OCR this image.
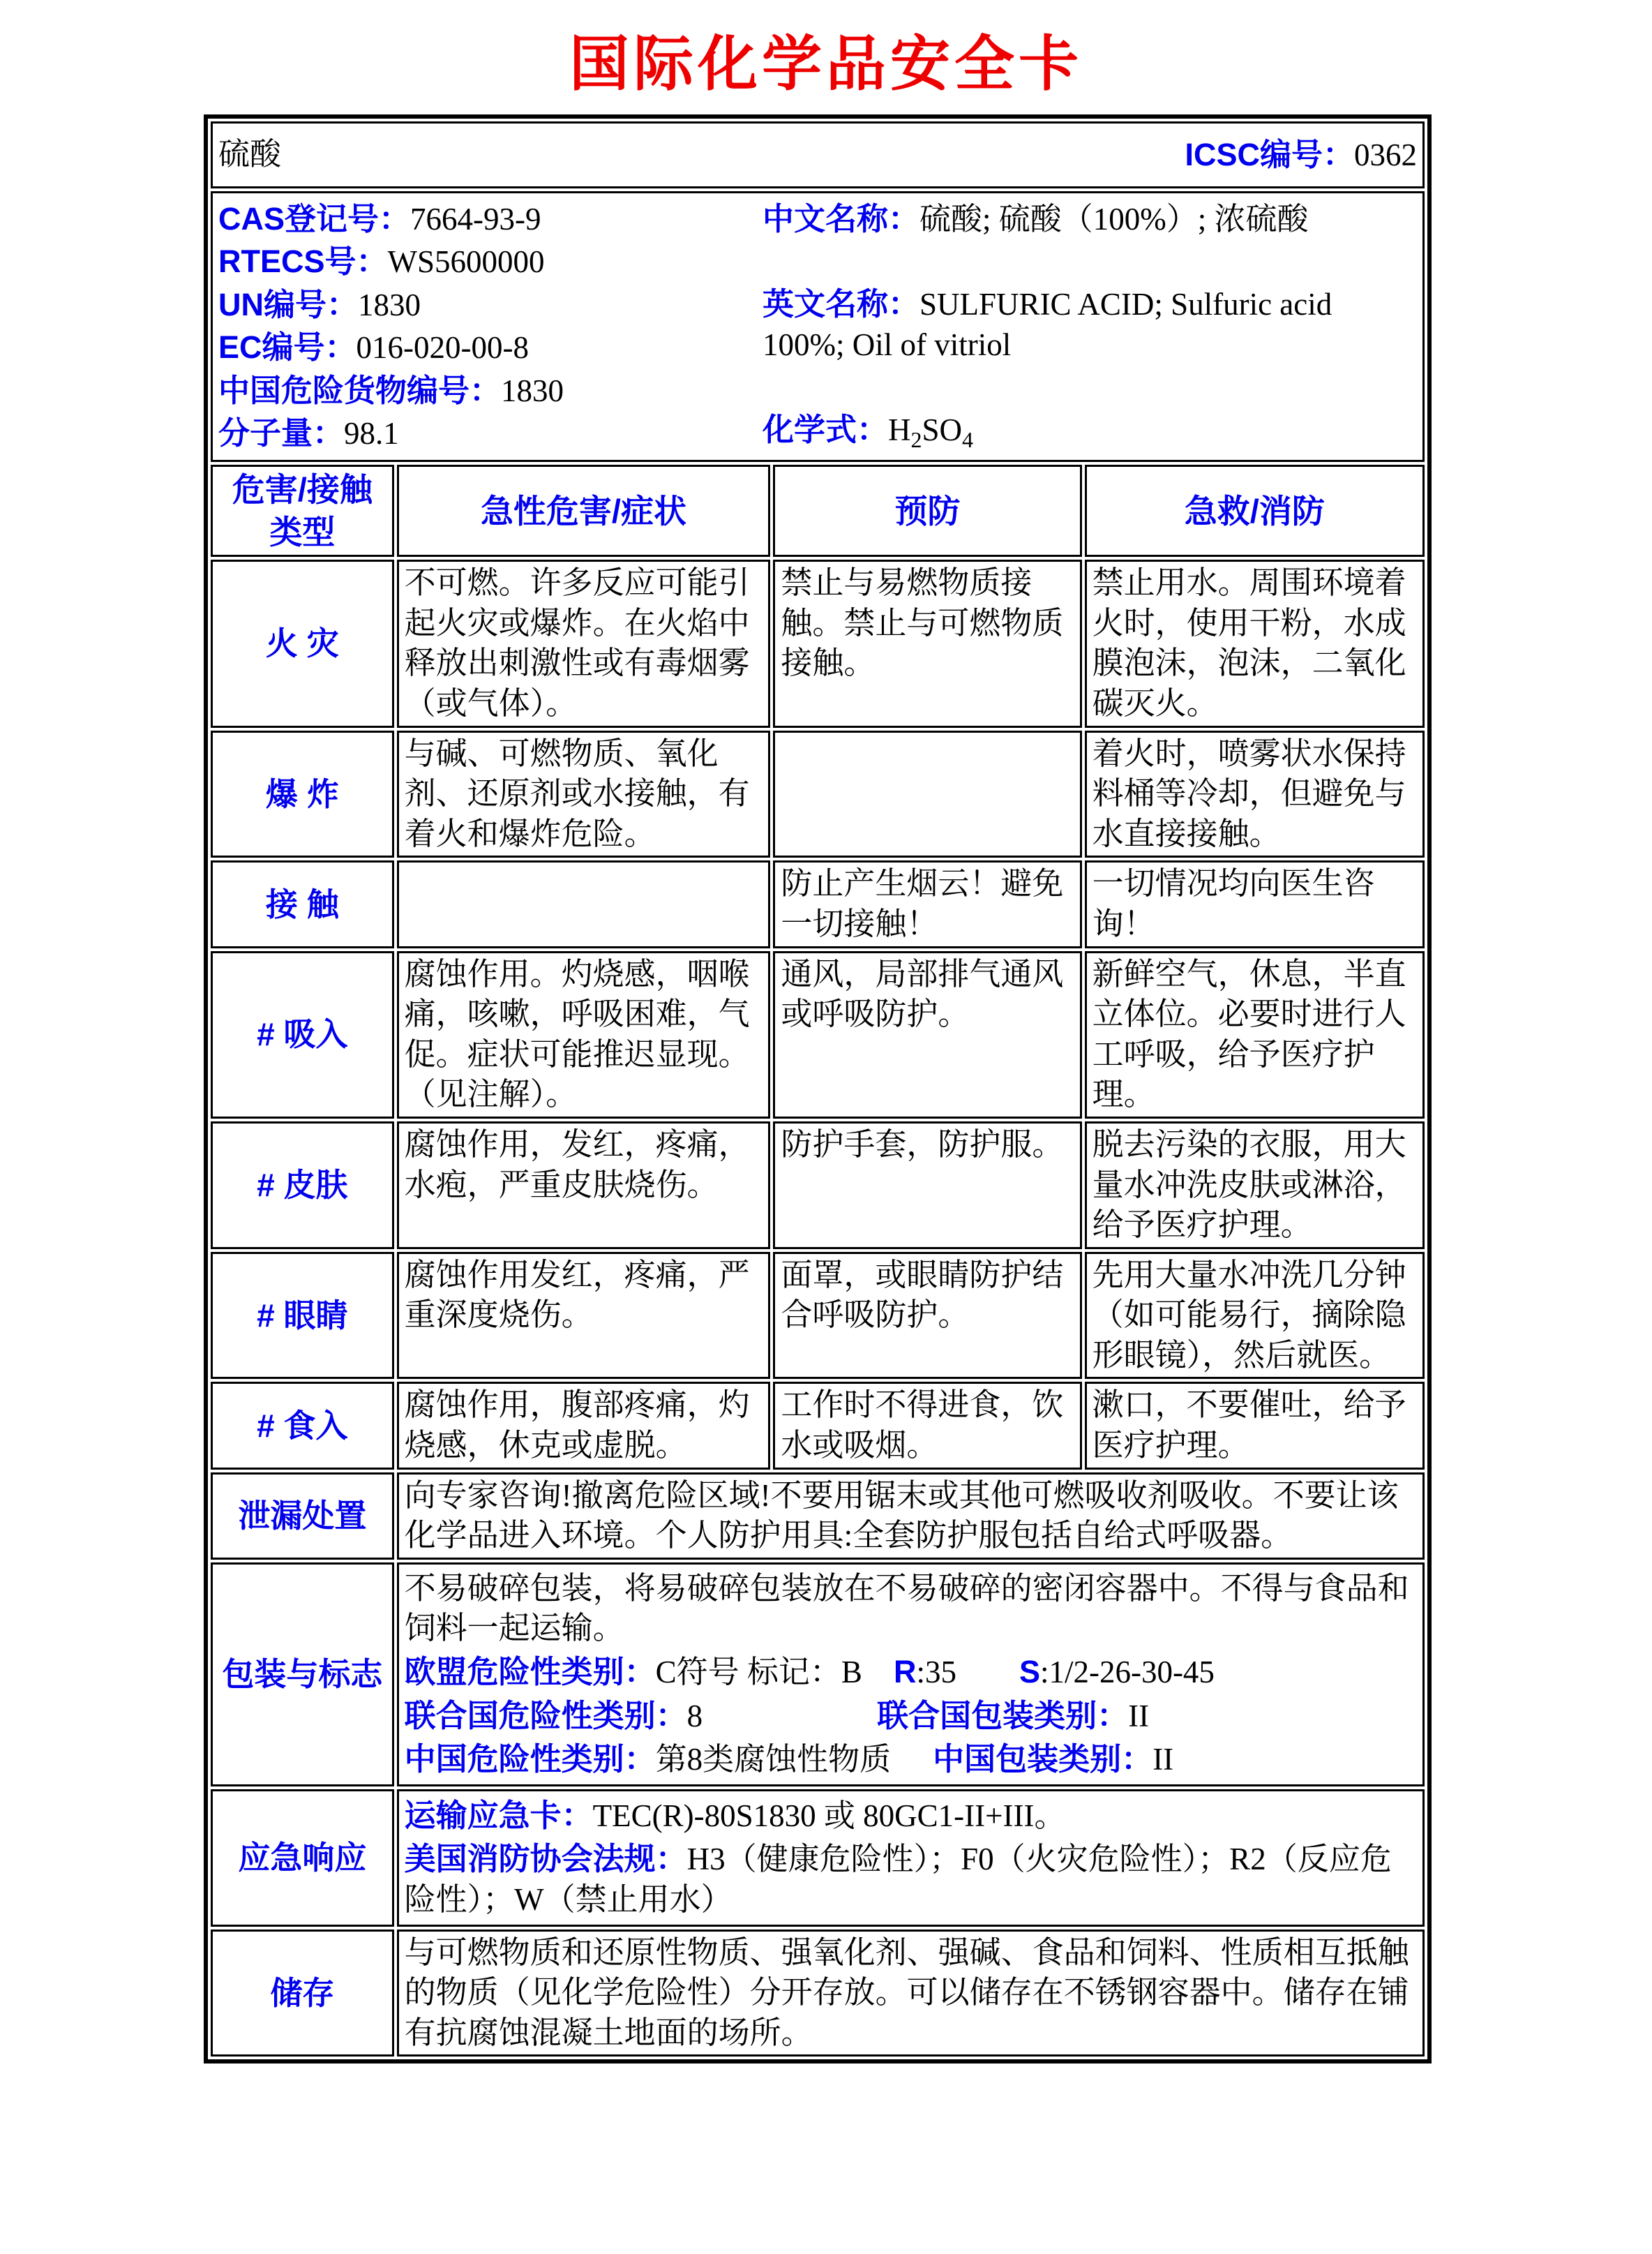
国际化学品安全卡
硫酸 ICSC编号：0362			

CAS登记号：7664-93-9
RTECS号：WS5600000
UN编号：1830
EC编号：016-020-00-8
中国危险货物编号：1830
分子量：98.1
中文名称：硫酸; 硫酸（100%）; 浓硫酸
英文名称：SULFURIC ACID; Sulfuric acid 100%; Oil of vitriol
化学式：$H_2SO_4$

危害/接触
类型	急性危害/症状	预防	急救/消防
火 灾	不可燃。许多反应可能引起火灾或爆炸。在火焰中释放出刺激性或有毒烟雾（或气体）。	禁止与易燃物质接触。禁止与可燃物质接触。	禁止用水。周围环境着火时，使用干粉，水成膜泡沫，泡沫，二氧化碳灭火。
爆 炸	与碱、可燃物质、氧化剂、还原剂或水接触，有着火和爆炸危险。		着火时，喷雾状水保持料桶等冷却，但避免与水直接接触。
接 触		防止产生烟云！避免一切接触！	一切情况均向医生咨询！
# 吸入	腐蚀作用。灼烧感，咽喉痛，咳嗽，呼吸困难，气促。症状可能推迟显现。（见注解）。	通风，局部排气通风或呼吸防护。	新鲜空气，休息，半直立体位。必要时进行人工呼吸，给予医疗护理。
# 皮肤	腐蚀作用，发红，疼痛，水疱，严重皮肤烧伤。	防护手套，防护服。	脱去污染的衣服，用大量水冲洗皮肤或淋浴，给予医疗护理。
# 眼睛	腐蚀作用发红，疼痛，严重深度烧伤。	面罩，或眼睛防护结合呼吸防护。	先用大量水冲洗几分钟（如可能易行，摘除隐形眼镜），然后就医。
# 食入	腐蚀作用，腹部疼痛，灼烧感，休克或虚脱。	工作时不得进食，饮水或吸烟。	漱口，不要催吐，给予医疗护理。
泄漏处置	向专家咨询!撤离危险区域!不要用锯末或其他可燃吸收剂吸收。不要让该化学品进入环境。个人防护用具:全套防护服包括自给式呼吸器。		
包装与标志	不易破碎包装，将易破碎包装放在不易破碎的密闭容器中。不得与食品和饲料一起运输。
欧盟危险性类别：C符号 标记：B R:35 S:1/2-26-30-45
联合国危险性类别：8 联合国包装类别：II
中国危险性类别：第8类腐蚀性物质 中国包装类别：II		

应急响应	运输应急卡：TEC(R)-80S1830 或 80GC1-II+III。
美国消防协会法规：H3（健康危险性）；F0（火灾危险性）；R2（反应危险性）；W（禁止用水）		

储存	与可燃物质和还原性物质、强氧化剂、强碱、食品和饲料、性质相互抵触的物质（见化学危险性）分开存放。可以储存在不锈钢容器中。储存在铺有抗腐蚀混凝土地面的场所。		
